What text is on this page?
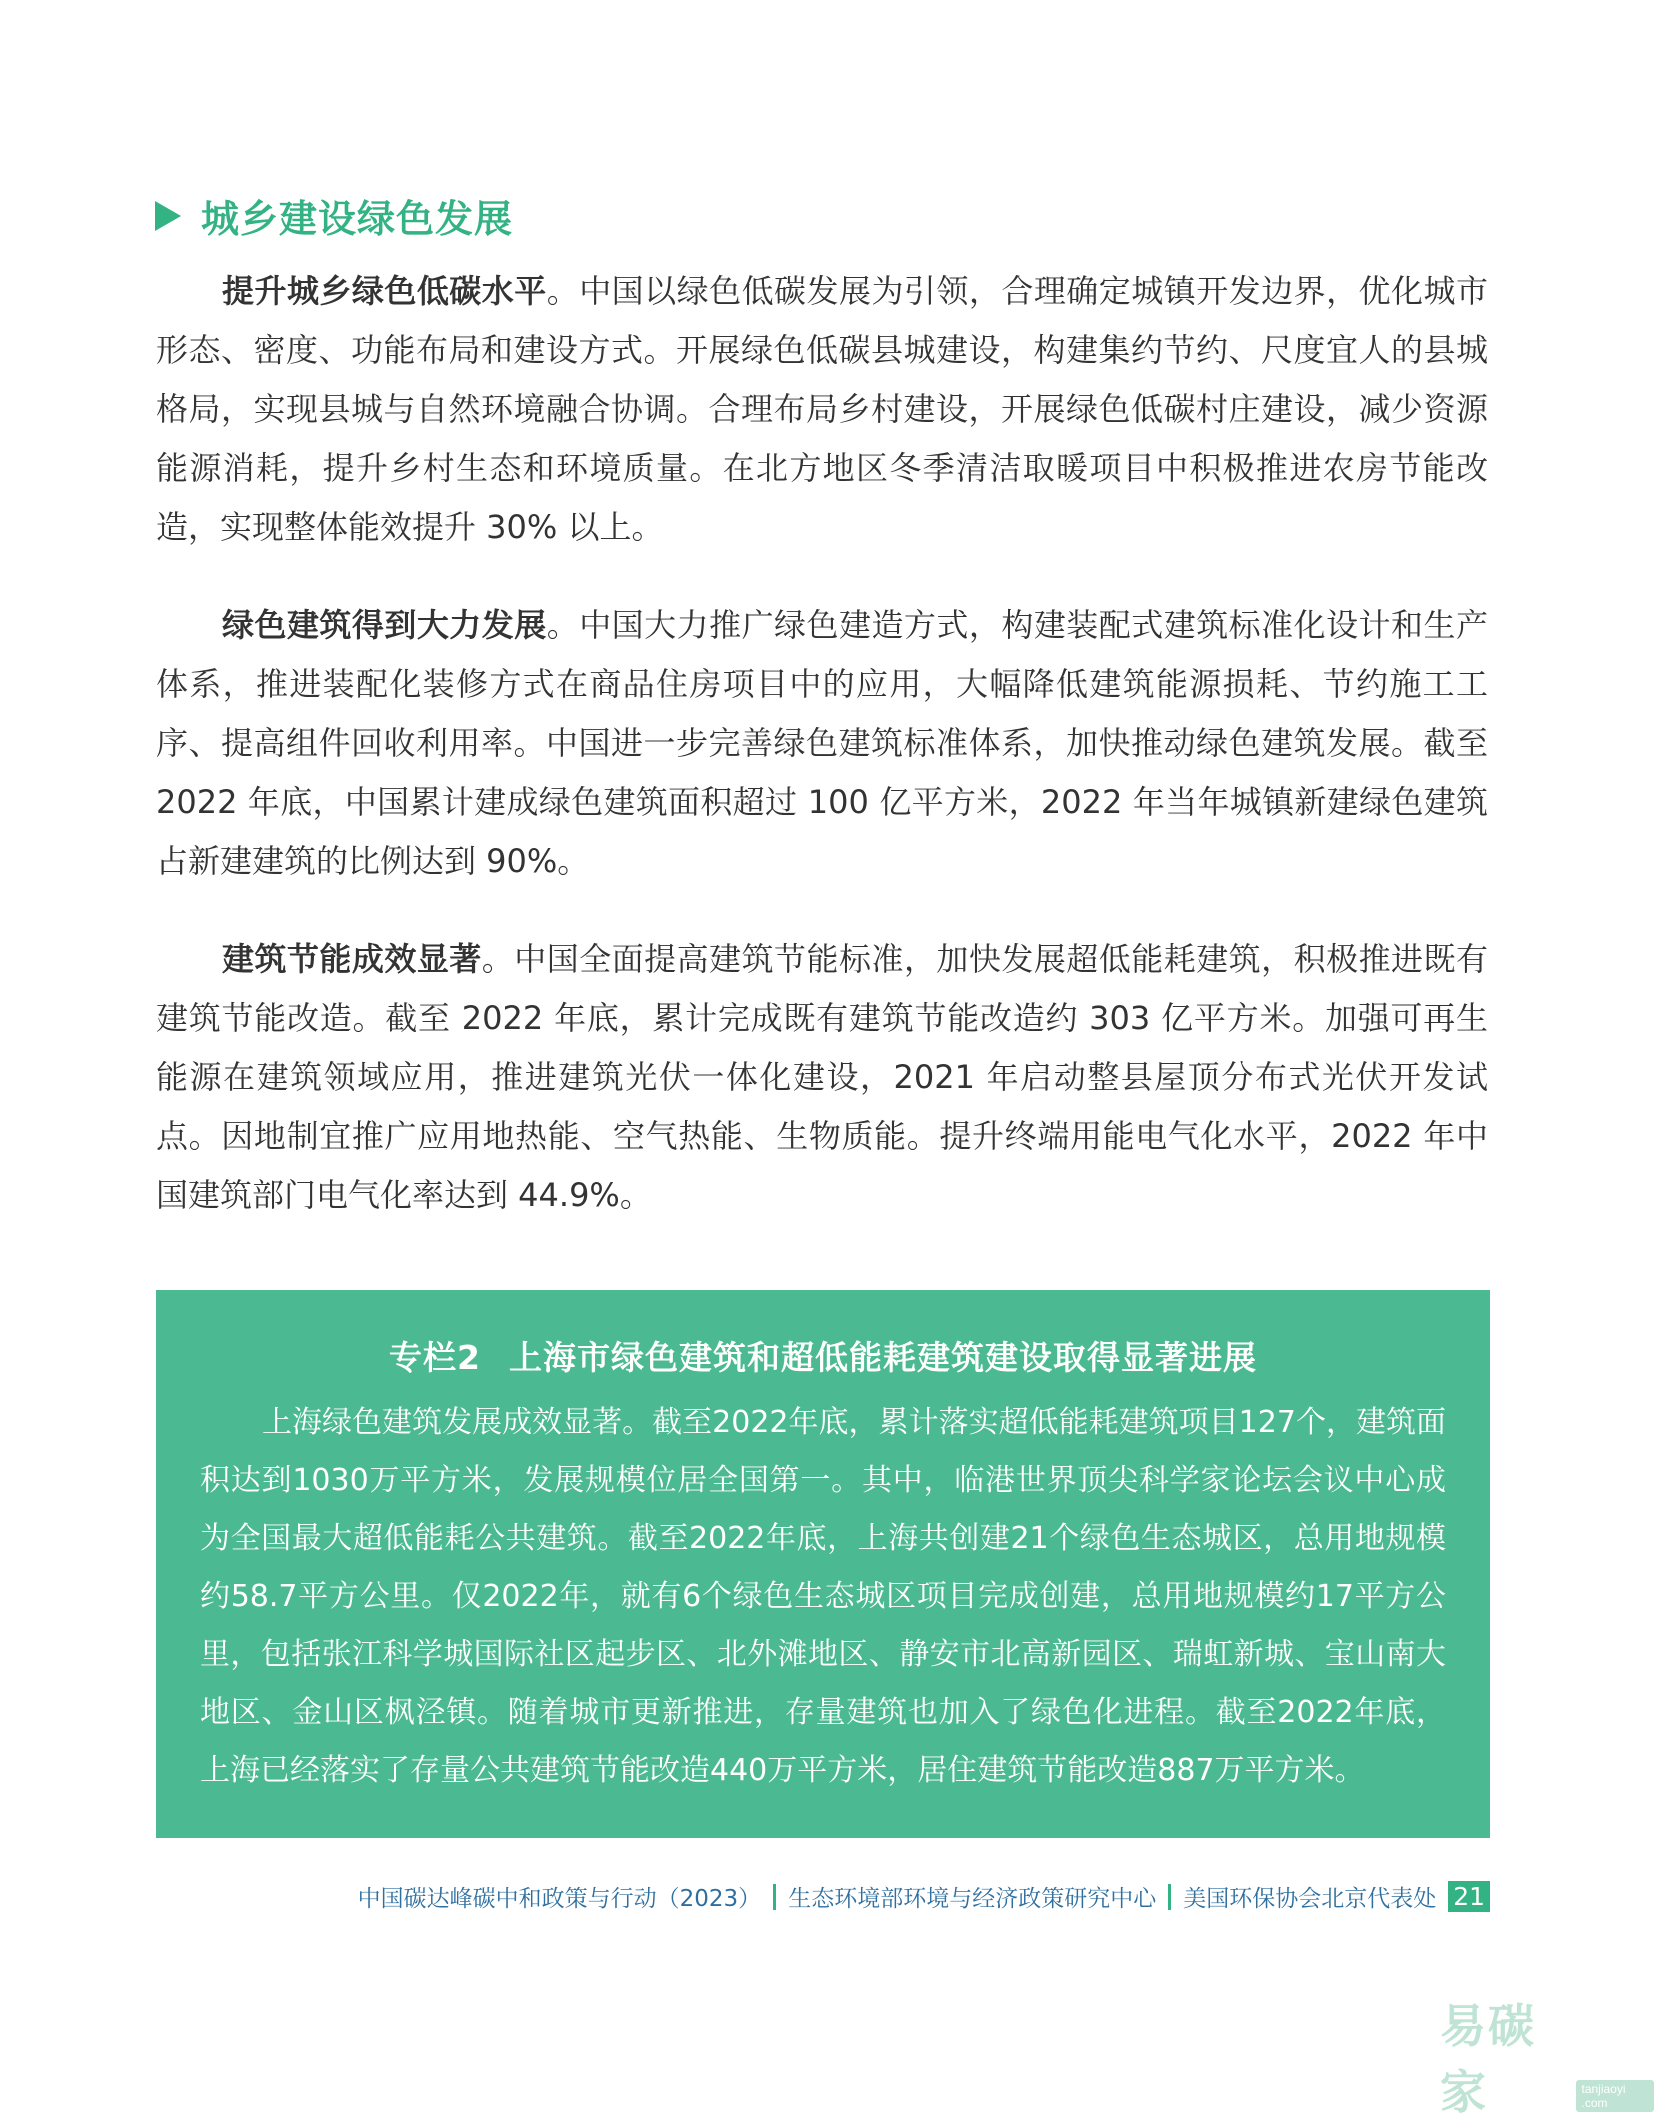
城乡建设绿色发展

提升城乡绿色低碳水平。中国以绿色低碳发展为引领，合理确定城镇开发边界，优化城市形态、密度、功能布局和建设方式。开展绿色低碳县城建设，构建集约节约、尺度宜人的县城格局，实现县城与自然环境融合协调。合理布局乡村建设，开展绿色低碳村庄建设，减少资源能源消耗，提升乡村生态和环境质量。在北方地区冬季清洁取暖项目中积极推进农房节能改造，实现整体能效提升 30% 以上。

绿色建筑得到大力发展。中国大力推广绿色建造方式，构建装配式建筑标准化设计和生产体系，推进装配化装修方式在商品住房项目中的应用，大幅降低建筑能源损耗、节约施工工序、提高组件回收利用率。中国进一步完善绿色建筑标准体系，加快推动绿色建筑发展。截至 2022 年底，中国累计建成绿色建筑面积超过 100 亿平方米，2022 年当年城镇新建绿色建筑占新建建筑的比例达到 90%。

建筑节能成效显著。中国全面提高建筑节能标准，加快发展超低能耗建筑，积极推进既有建筑节能改造。截至 2022 年底，累计完成既有建筑节能改造约 303 亿平方米。加强可再生能源在建筑领域应用，推进建筑光伏一体化建设，2021 年启动整县屋顶分布式光伏开发试点。因地制宜推广应用地热能、空气热能、生物质能。提升终端用能电气化水平，2022 年中国建筑部门电气化率达到 44.9%。

专栏2 上海市绿色建筑和超低能耗建筑建设取得显著进展

上海绿色建筑发展成效显著。截至2022年底，累计落实超低能耗建筑项目127个，建筑面积达到1030万平方米，发展规模位居全国第一。其中，临港世界顶尖科学家论坛会议中心成为全国最大超低能耗公共建筑。截至2022年底，上海共创建21个绿色生态城区，总用地规模约58.7平方公里。仅2022年，就有6个绿色生态城区项目完成创建，总用地规模约17平方公里，包括张江科学城国际社区起步区、北外滩地区、静安市北高新园区、瑞虹新城、宝山南大地区、金山区枫泾镇。随着城市更新推进，存量建筑也加入了绿色化进程。截至2022年底，上海已经落实了存量公共建筑节能改造440万平方米，居住建筑节能改造887万平方米。

中国碳达峰碳中和政策与行动（2023） 生态环境部环境与经济政策研究中心 美国环保协会北京代表处 21
易碳家	tanjiaoyi .com
